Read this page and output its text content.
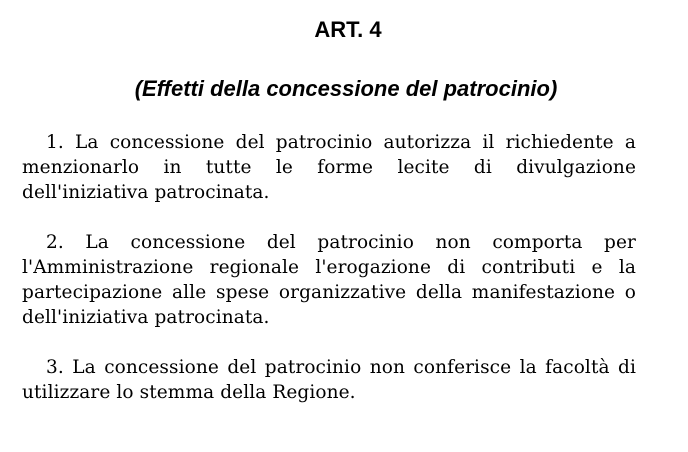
ART. 4
(Effetti della concessione del patrocinio)

1. La concessione del patrocinio autorizza il richiedente a menzionarlo in tutte le forme lecite di divulgazione dell'iniziativa patrocinata.

2. La concessione del patrocinio non comporta per l'Amministrazione regionale l'erogazione di contributi e la partecipazione alle spese organizzative della manifestazione o dell'iniziativa patrocinata.

3. La concessione del patrocinio non conferisce la facoltà di utilizzare lo stemma della Regione.
